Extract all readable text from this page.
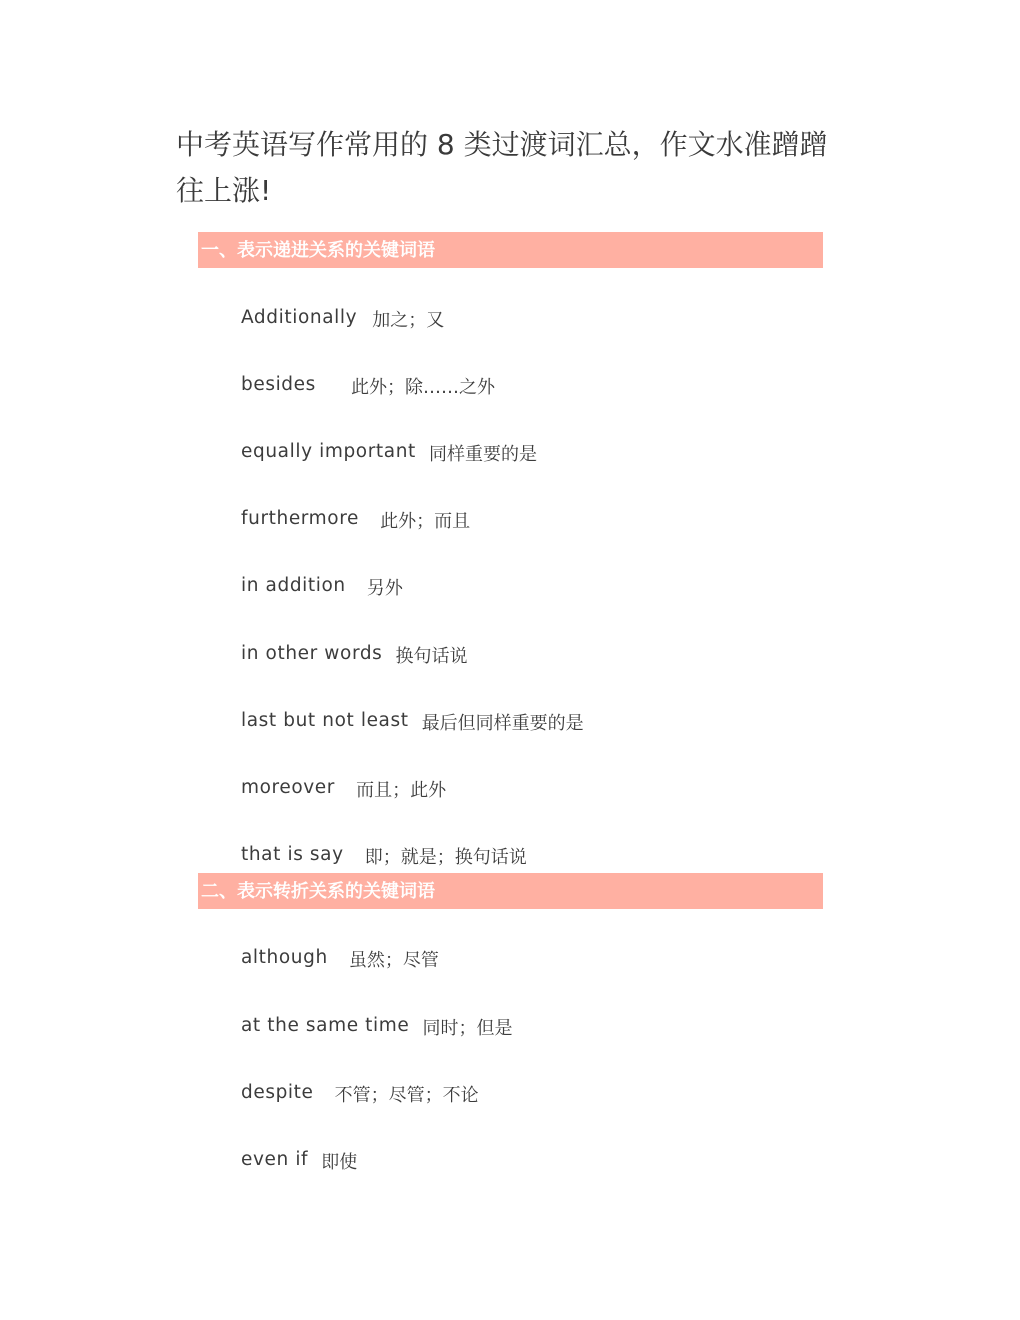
中考英语写作常用的 8 类过渡词汇总，作文水准蹭蹭往上涨!
一、表示递进关系的关键词语
Additionally 加之；又
besides 此外；除……之外
equally important 同样重要的是
furthermore 此外；而且
in addition 另外
in other words 换句话说
last but not least 最后但同样重要的是
moreover 而且；此外
that is say 即；就是；换句话说
二、表示转折关系的关键词语
although 虽然；尽管
at the same time 同时；但是
despite 不管；尽管；不论
even if 即使
